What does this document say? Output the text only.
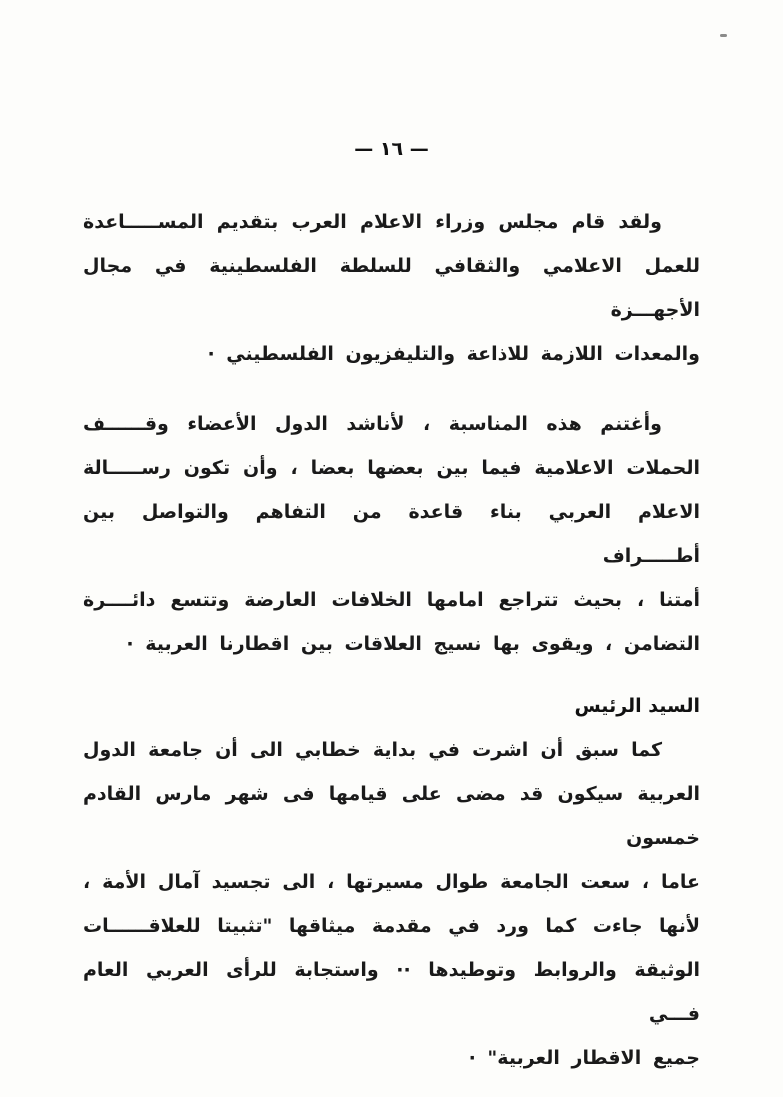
— ١٦ —
ولقد قام مجلس وزراء الاعلام العرب بتقديم المســـــاعدة
للعمل الاعلامي والثقافي للسلطة الفلسطينية في مجال الأجهـــزة
والمعدات اللازمة للاذاعة والتليفزيون الفلسطيني ·
وأغتنم هذه المناسبة ، لأناشد الدول الأعضاء وقــــــف
الحملات الاعلامية فيما بين بعضها بعضا ، وأن تكون رســـــالة
الاعلام العربي بناء قاعدة من التفاهم والتواصل بين أطـــــراف
أمتنا ، بحيث تتراجع امامها الخلافات العارضة وتتسع دائــــرة
التضامن ، ويقوى بها نسيج العلاقات بين اقطارنا العربية ·
السيد الرئيس
كما سبق أن اشرت في بداية خطابي الى أن جامعة الدول
العربية سيكون قد مضى على قيامها فى شهر مارس القادم خمسون
عاما ، سعت الجامعة طوال مسيرتها ، الى تجسيد آمال الأمة ،
لأنها جاءت كما ورد في مقدمة ميثاقها "تثبيتا للعلاقــــــات
الوثيقة والروابط وتوطيدها ·· واستجابة للرأى العربي العام فـــي
جميع الاقطار العربية" ·
